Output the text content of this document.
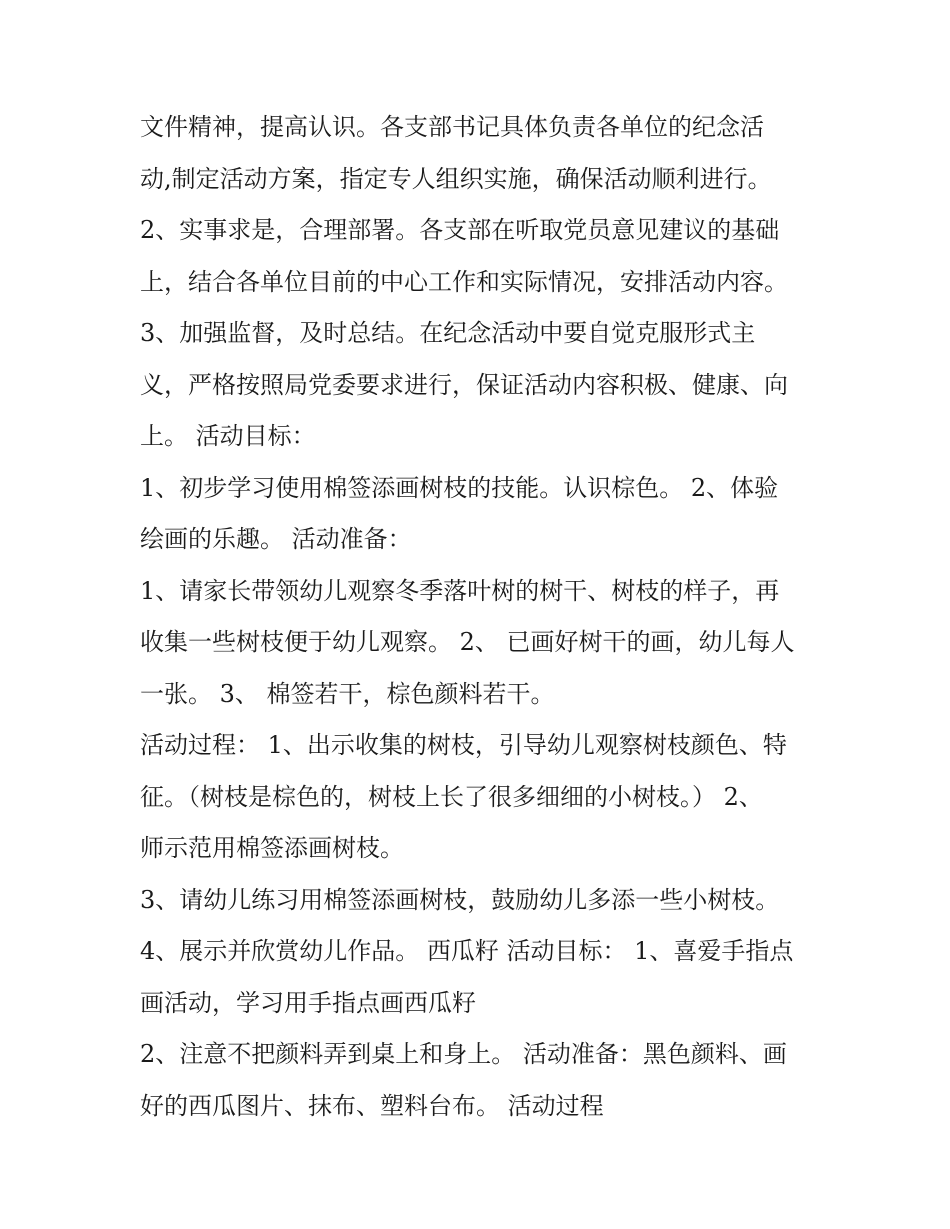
文件精神，提高认识。各支部书记具体负责各单位的纪念活
动,制定活动方案，指定专人组织实施，确保活动顺利进行。
2、实事求是，合理部署。各支部在听取党员意见建议的基础
上，结合各单位目前的中心工作和实际情况，安排活动内容。
3、加强监督，及时总结。在纪念活动中要自觉克服形式主
义，严格按照局党委要求进行，保证活动内容积极、健康、向
上。 活动目标：
1、初步学习使用棉签添画树枝的技能。认识棕色。 2、体验
绘画的乐趣。 活动准备：
1、请家长带领幼儿观察冬季落叶树的树干、树枝的样子，再
收集一些树枝便于幼儿观察。 2、 已画好树干的画，幼儿每人
一张。 3、 棉签若干，棕色颜料若干。
活动过程： 1、出示收集的树枝，引导幼儿观察树枝颜色、特
征。（树枝是棕色的，树枝上长了很多细细的小树枝。） 2、
师示范用棉签添画树枝。
3、请幼儿练习用棉签添画树枝，鼓励幼儿多添一些小树枝。
4、展示并欣赏幼儿作品。 西瓜籽 活动目标： 1、喜爱手指点
画活动，学习用手指点画西瓜籽
2、注意不把颜料弄到桌上和身上。 活动准备：黑色颜料、画
好的西瓜图片、抹布、塑料台布。 活动过程
